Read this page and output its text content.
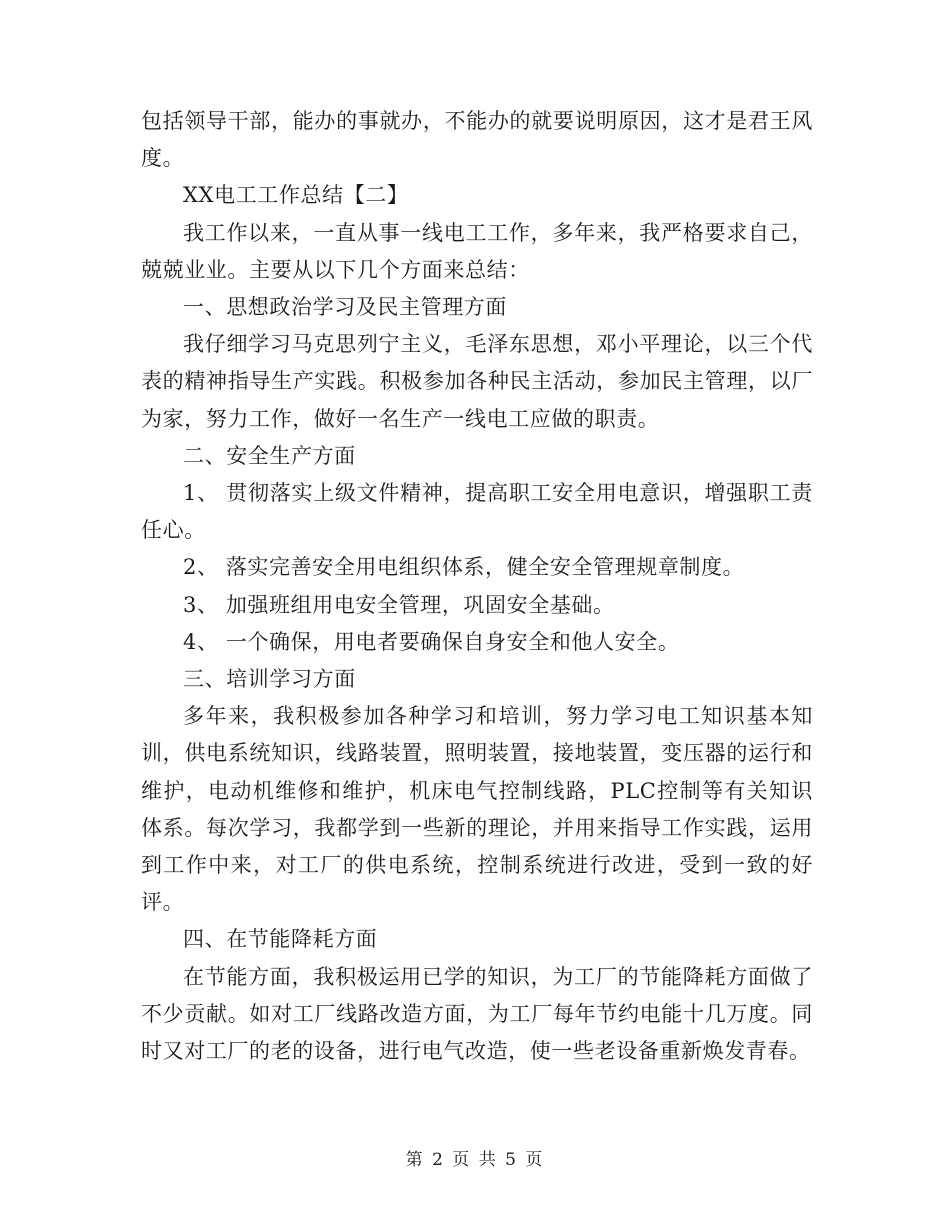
包括领导干部，能办的事就办，不能办的就要说明原因，这才是君王风度。

XX电工工作总结【二】

我工作以来，一直从事一线电工工作，多年来，我严格要求自己，兢兢业业。主要从以下几个方面来总结：

一、思想政治学习及民主管理方面

我仔细学习马克思列宁主义，毛泽东思想，邓小平理论，以三个代表的精神指导生产实践。积极参加各种民主活动，参加民主管理，以厂为家，努力工作，做好一名生产一线电工应做的职责。

二、安全生产方面

1、 贯彻落实上级文件精神，提高职工安全用电意识，增强职工责任心。

2、 落实完善安全用电组织体系，健全安全管理规章制度。

3、 加强班组用电安全管理，巩固安全基础。

4、 一个确保，用电者要确保自身安全和他人安全。

三、培训学习方面

多年来，我积极参加各种学习和培训，努力学习电工知识基本知训，供电系统知识，线路装置，照明装置，接地装置，变压器的运行和维护，电动机维修和维护，机床电气控制线路，PLC控制等有关知识体系。每次学习，我都学到一些新的理论，并用来指导工作实践，运用到工作中来，对工厂的供电系统，控制系统进行改进，受到一致的好评。

四、在节能降耗方面

在节能方面，我积极运用已学的知识，为工厂的节能降耗方面做了不少贡献。如对工厂线路改造方面，为工厂每年节约电能十几万度。同时又对工厂的老的设备，进行电气改造，使一些老设备重新焕发青春。

第 2 页 共 5 页
